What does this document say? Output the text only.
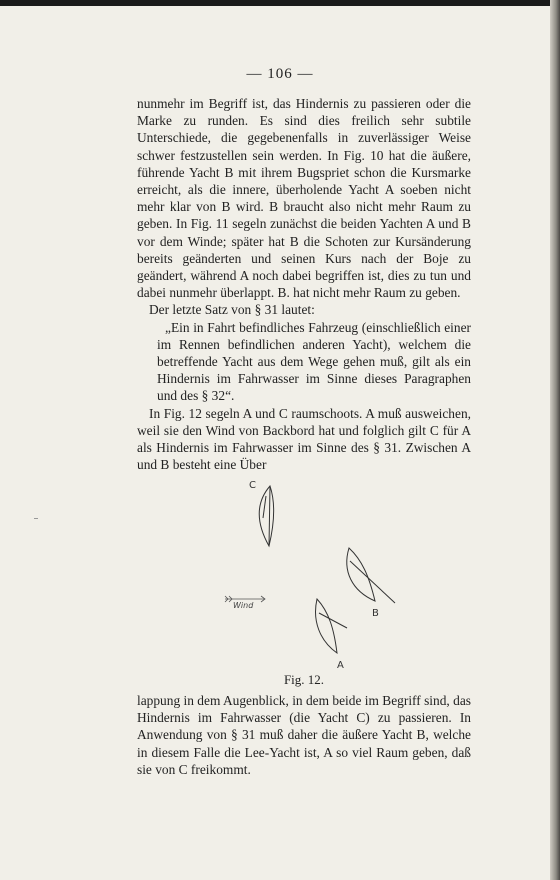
— 106 —

nunmehr im Begriff ist, das Hindernis zu passieren oder die Marke zu runden. Es sind dies freilich sehr subtile Unterschiede, die gegebenenfalls in zuverlässiger Weise schwer festzustellen sein werden. In Fig. 10 hat die äußere, führende Yacht B mit ihrem Bugspriet schon die Kursmarke erreicht, als die innere, überholende Yacht A soeben nicht mehr klar von B wird. B braucht also nicht mehr Raum zu geben. In Fig. 11 segeln zunächst die beiden Yachten A und B vor dem Winde; später hat B die Schoten zur Kursänderung bereits geänderten und seinen Kurs nach der Boje zu geändert, während A noch dabei begriffen ist, dies zu tun und dabei nunmehr überlappt. B. hat nicht mehr Raum zu geben.

Der letzte Satz von § 31 lautet:

„Ein in Fahrt befindliches Fahrzeug (einschließlich einer im Rennen befindlichen anderen Yacht), welchem die betreffende Yacht aus dem Wege gehen muß, gilt als ein Hindernis im Fahrwasser im Sinne dieses Paragraphen und des § 32“.

In Fig. 12 segeln A und C raumschoots. A muß ausweichen, weil sie den Wind von Backbord hat und folglich gilt C für A als Hindernis im Fahrwasser im Sinne des § 31. Zwischen A und B besteht eine Über

C
B
A
Wind
Fig. 12.

lappung in dem Augenblick, in dem beide im Begriff sind, das Hindernis im Fahrwasser (die Yacht C) zu passieren. In Anwendung von § 31 muß daher die äußere Yacht B, welche in diesem Falle die Lee-Yacht ist, A so viel Raum geben, daß sie von C freikommt.
